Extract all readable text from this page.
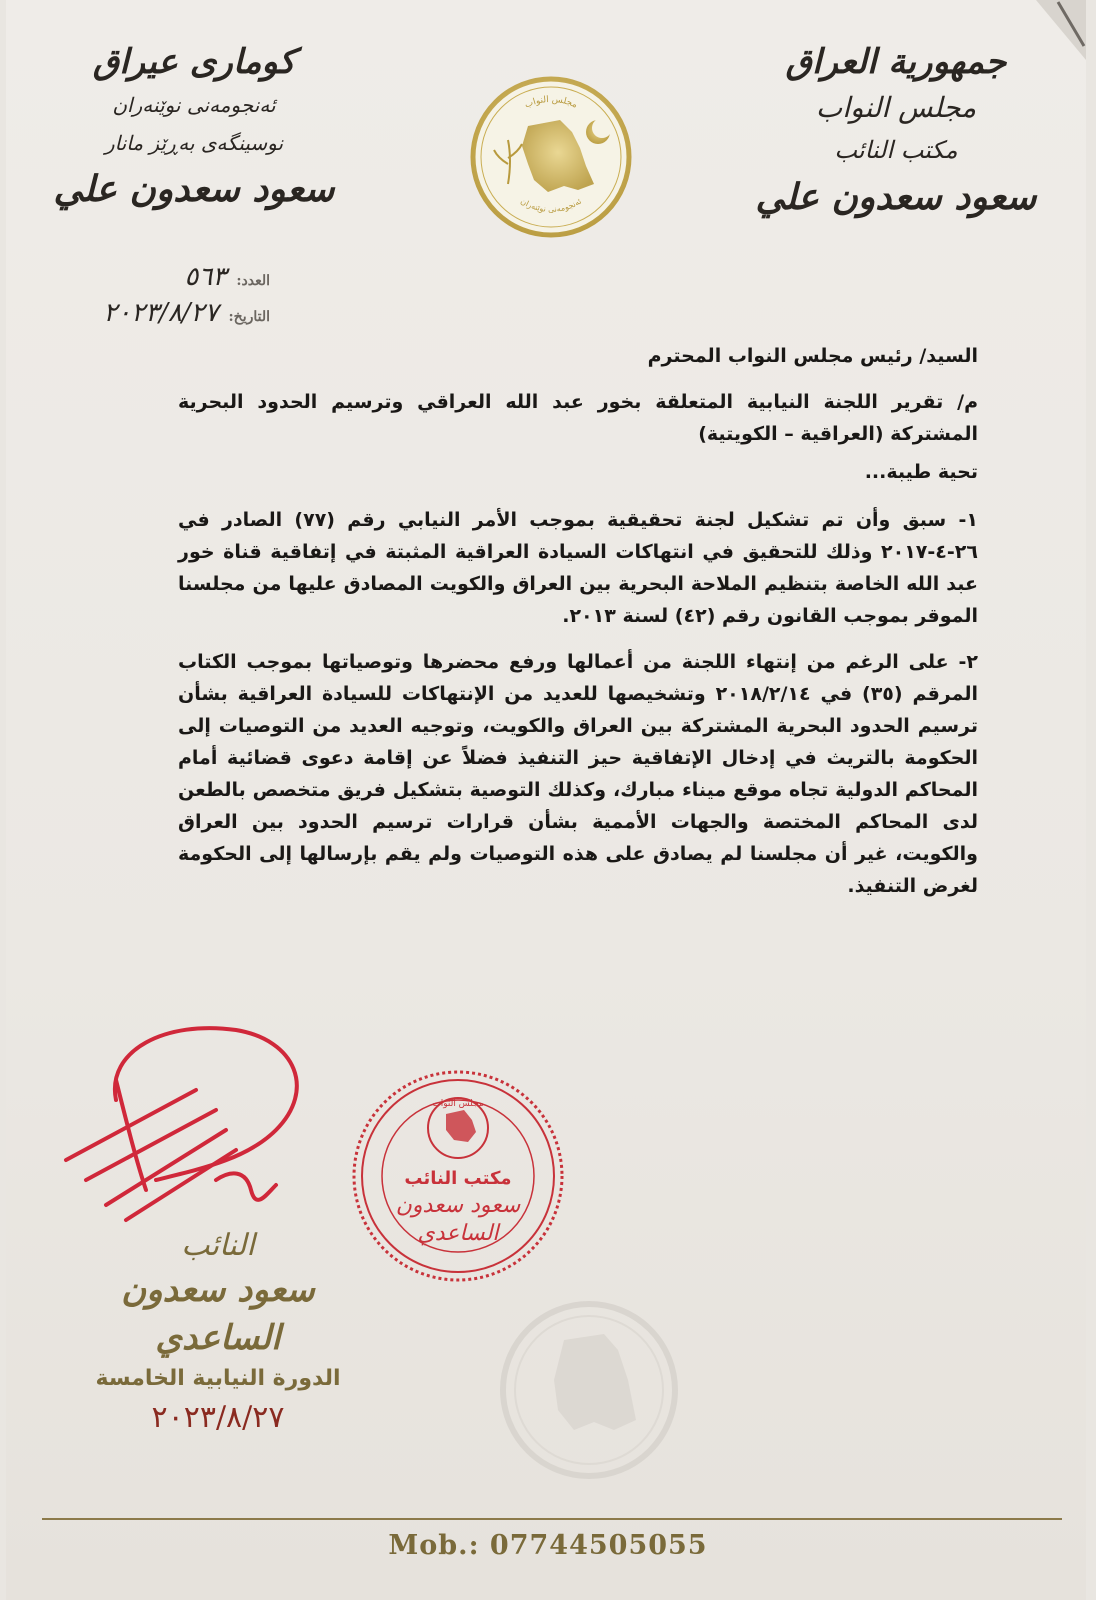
جمهورية العراق
مجلس النواب
مكتب النائب
سعود سعدون علي
كوماری عیراق
ئەنجومەنی نوێنەران
نوسینگەی بەڕێز مانار
سعود سعدون علي
مجلس النواب
ئەنجومەنی نوێنەران
العدد:
٥٦٣
التاريخ:
٢٠٢٣/٨/٢٧

السيد/ رئيس مجلس النواب المحترم

م/ تقرير اللجنة النيابية المتعلقة بخور عبد الله العراقي وترسيم الحدود البحرية المشتركة (العراقية – الكويتية)

تحية طيبة...

١- سبق وأن تم تشكيل لجنة تحقيقية بموجب الأمر النيابي رقم (٧٧) الصادر في ٢٦-٤-٢٠١٧ وذلك للتحقيق في انتهاكات السيادة العراقية المثبتة في إتفاقية قناة خور عبد الله الخاصة بتنظيم الملاحة البحرية بين العراق والكويت المصادق عليها من مجلسنا الموقر بموجب القانون رقم (٤٢) لسنة ٢٠١٣.

٢- على الرغم من إنتهاء اللجنة من أعمالها ورفع محضرها وتوصياتها بموجب الكتاب المرقم (٣٥) في ٢٠١٨/٢/١٤ وتشخيصها للعديد من الإنتهاكات للسيادة العراقية بشأن ترسيم الحدود البحرية المشتركة بين العراق والكويت، وتوجيه العديد من التوصيات إلى الحكومة بالتريث في إدخال الإتفاقية حيز التنفيذ فضلاً عن إقامة دعوى قضائية أمام المحاكم الدولية تجاه موقع ميناء مبارك، وكذلك التوصية بتشكيل فريق متخصص بالطعن لدى المحاكم المختصة والجهات الأممية بشأن قرارات ترسيم الحدود بين العراق والكويت، غير أن مجلسنا لم يصادق على هذه التوصيات ولم يقم بإرسالها إلى الحكومة لغرض التنفيذ.

النائب
سعود سعدون الساعدي
الدورة النيابية الخامسة
٢٠٢٣/٨/٢٧
مجلس النواب
مكتب النائب
سعود سعدون
الساعدي
Mob.: 07744505055
